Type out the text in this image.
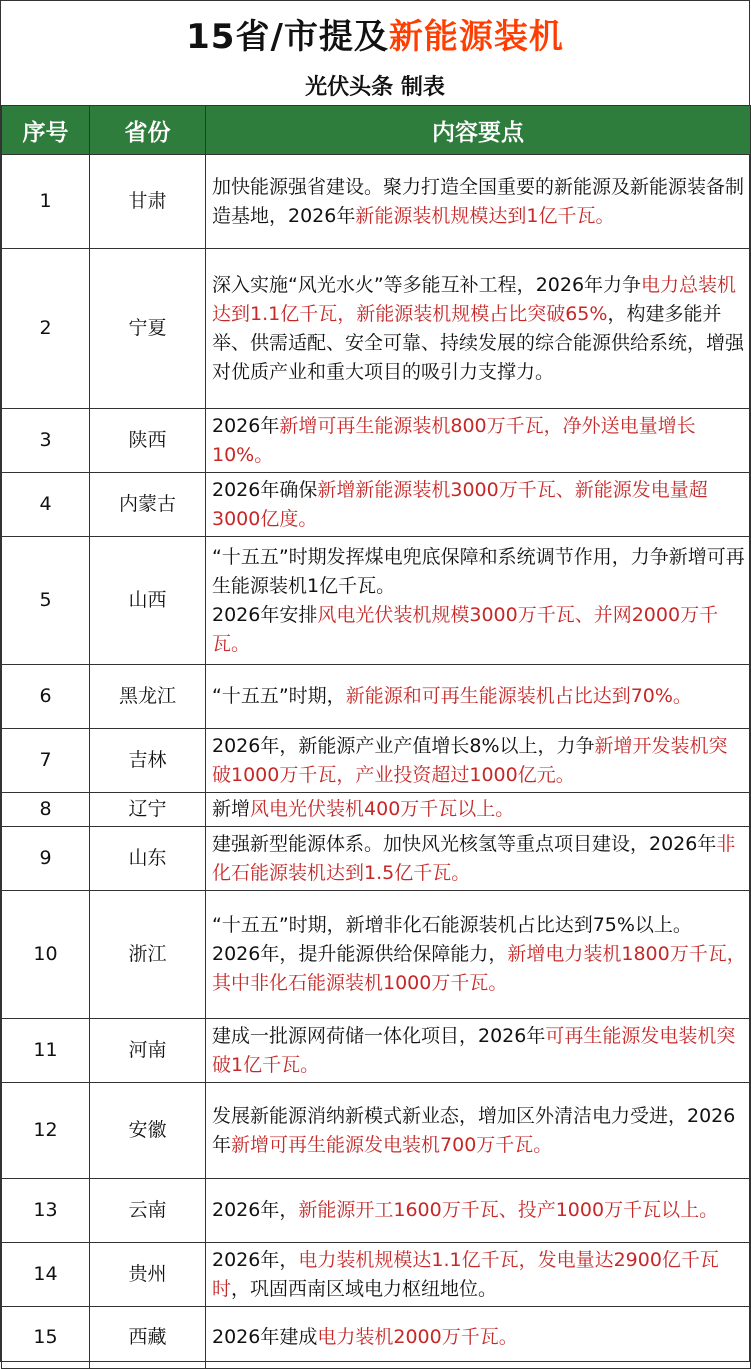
15省/市提及 新能源装机
光伏头条 制表
序号	省份	内容要点
1	甘肃	加快能源强省建设。聚力打造全国重要的新能源及新能源装备制造基地，2026年新能源装机规模达到1亿千瓦。

2	宁夏	深入实施“风光水火”等多能互补工程，2026年力争电力总装机达到1.1亿千瓦，新能源装机规模占比突破65%，构建多能并举、供需适配、安全可靠、持续发展的综合能源供给系统，增强对优质产业和重大项目的吸引力支撑力。

3	陕西	2026年新增可再生能源装机800万千瓦，净外送电量增长10%。

4	内蒙古	2026年确保新增新能源装机3000万千瓦、新能源发电量超3000亿度。

5	山西	“十五五”时期发挥煤电兜底保障和系统调节作用，力争新增可再生能源装机1亿千瓦。

2026年安排风电光伏装机规模3000万千瓦、并网2000万千瓦。

6	黑龙江	“十五五”时期，新能源和可再生能源装机占比达到70%。

7	吉林	2026年，新能源产业产值增长8%以上，力争新增开发装机突破1000万千瓦，产业投资超过1000亿元。

8	辽宁	新增风电光伏装机400万千瓦以上。

9	山东	建强新型能源体系。加快风光核氢等重点项目建设，2026年非化石能源装机达到1.5亿千瓦。

10	浙江	“十五五”时期，新增非化石能源装机占比达到75%以上。

2026年，提升能源供给保障能力，新增电力装机1800万千瓦，其中非化石能源装机1000万千瓦。

11	河南	建成一批源网荷储一体化项目，2026年可再生能源发电装机突破1亿千瓦。

12	安徽	发展新能源消纳新模式新业态，增加区外清洁电力受进，2026年新增可再生能源发电装机700万千瓦。

13	云南	2026年，新能源开工1600万千瓦、投产1000万千瓦以上。

14	贵州	2026年，电力装机规模达1.1亿千瓦，发电量达2900亿千瓦时，巩固西南区域电力枢纽地位。

15	西藏	2026年建成电力装机2000万千瓦。
